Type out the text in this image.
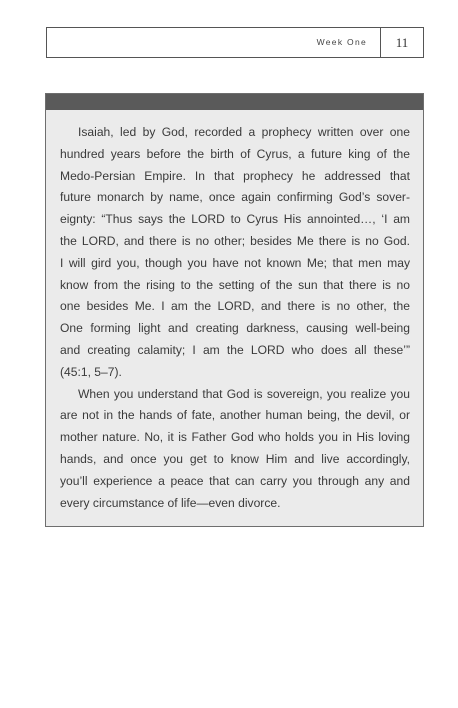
Week One	11
Isaiah, led by God, recorded a prophecy written over one
hundred years before the birth of Cyrus, a future king of the
Medo-Persian Empire. In that prophecy he addressed that
future monarch by name, once again confirming God’s sover-
eignty: “Thus says the LORD to Cyrus His annointed…, ‘I am
the LORD, and there is no other; besides Me there is no God.
I will gird you, though you have not known Me; that men may
know from the rising to the setting of the sun that there is no
one besides Me. I am the LORD, and there is no other, the
One forming light and creating darkness, causing well-being
and creating calamity; I am the LORD who does all these’”
(45:1, 5–7).
When you understand that God is sovereign, you realize you
are not in the hands of fate, another human being, the devil, or
mother nature. No, it is Father God who holds you in His loving
hands, and once you get to know Him and live accordingly,
you’ll experience a peace that can carry you through any and
every circumstance of life—even divorce.
